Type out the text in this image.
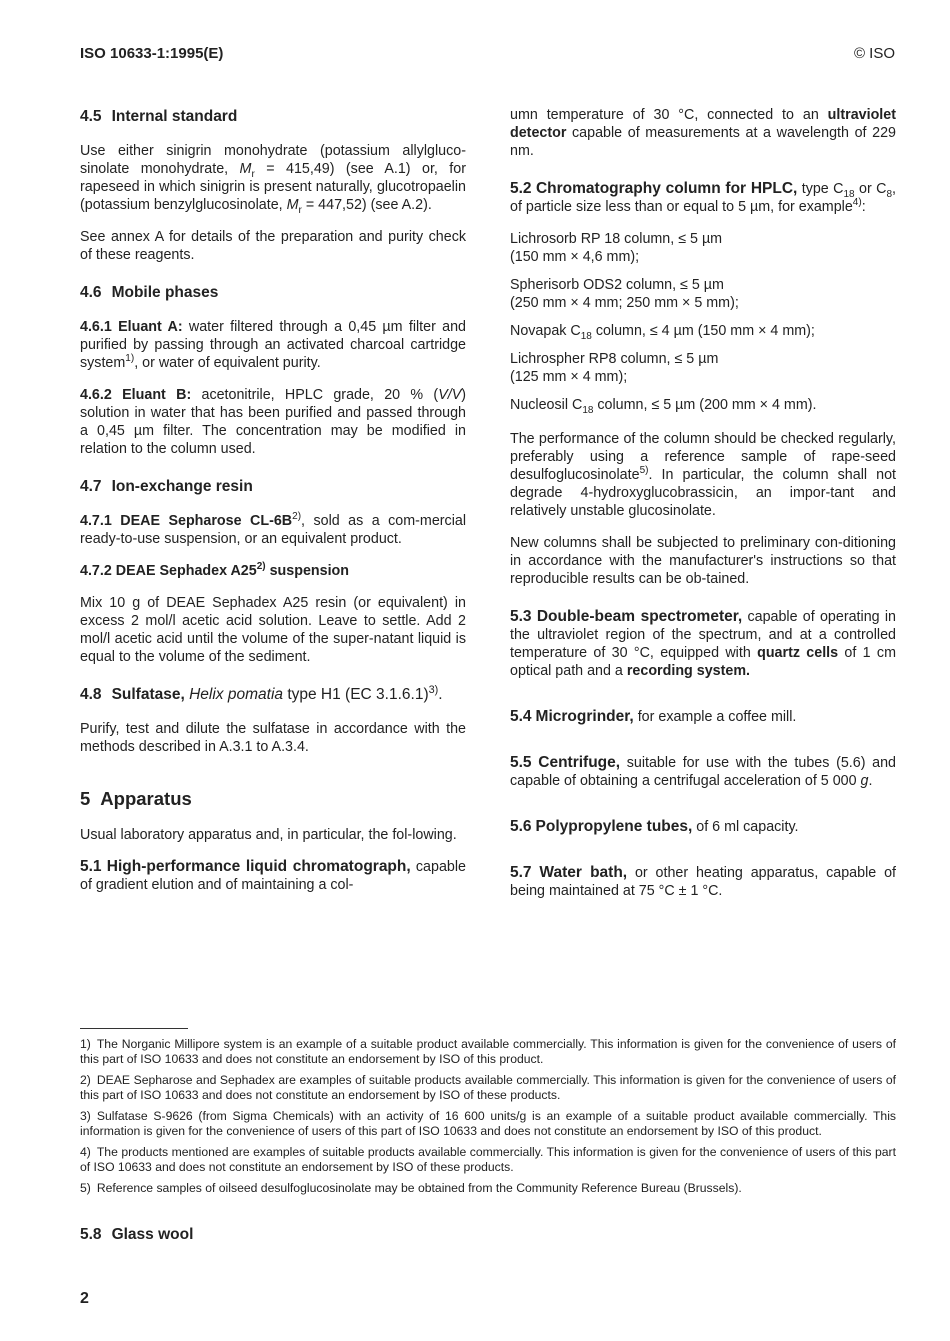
ISO 10633-1:1995(E)	© ISO
4.5 Internal standard

Use either sinigrin monohydrate (potassium allylgluco-sinolate monohydrate, $M_r = 415,49$) (see A.1) or, for rapeseed in which sinigrin is present naturally, glucotropaelin (potassium benzylglucosinolate, $M_r = 447,52$) (see A.2).

See annex A for details of the preparation and purity check of these reagents.

4.6 Mobile phases

4.6.1 Eluant A: water filtered through a 0,45 µm filter and purified by passing through an activated charcoal cartridge system$^{1)}$, or water of equivalent purity.

4.6.2 Eluant B: acetonitrile, HPLC grade, 20 % (V/V) solution in water that has been purified and passed through a 0,45 µm filter. The concentration may be modified in relation to the column used.

4.7 Ion-exchange resin

4.7.1 DEAE Sepharose $CL-6B^{2)}$, sold as a com-mercial ready-to-use suspension, or an equivalent product.

4.7.2 DEAE Sephadex A25$^{2)}$ suspension

Mix 10 g of DEAE Sephadex A25 resin (or equivalent) in excess 2 mol/l acetic acid solution. Leave to settle. Add 2 mol/l acetic acid until the volume of the super-natant liquid is equal to the volume of the sediment.

4.8 Sulfatase, Helix pomatia type H1 (EC 3.1.6.1)$^{3)}$.

Purify, test and dilute the sulfatase in accordance with the methods described in A.3.1 to A.3.4.

5 Apparatus

Usual laboratory apparatus and, in particular, the fol-lowing.

5.1 High-performance liquid chromatograph, capable of gradient elution and of maintaining a col-

umn temperature of 30 °C, connected to an ultraviolet detector capable of measurements at a wavelength of 229 nm.

5.2 Chromatography column for HPLC, type $C_{18}$ or $C_8$, of particle size less than or equal to 5 µm, for example$^{4)}$:

Lichrosorb RP 18 column, ≤ 5 µm
(150 mm × 4,6 mm);

Spherisorb ODS2 column, ≤ 5 µm
(250 mm × 4 mm; 250 mm × 5 mm);

Novapak $C_{18}$ column, ≤ 4 µm (150 mm × 4 mm);

Lichrospher RP8 column, ≤ 5 µm
(125 mm × 4 mm);

Nucleosil $C_{18}$ column, ≤ 5 µm (200 mm × 4 mm).

The performance of the column should be checked regularly, preferably using a reference sample of rape-seed desulfoglucosinolate$^{5)}$. In particular, the column shall not degrade 4-hydroxyglucobrassicin, an impor-tant and relatively unstable glucosinolate.

New columns shall be subjected to preliminary con-ditioning in accordance with the manufacturer's instructions so that reproducible results can be ob-tained.

5.3 Double-beam spectrometer, capable of operating in the ultraviolet region of the spectrum, and at a controlled temperature of 30 °C, equipped with quartz cells of 1 cm optical path and a recording system.

5.4 Microgrinder, for example a coffee mill.

5.5 Centrifuge, suitable for use with the tubes (5.6) and capable of obtaining a centrifugal acceleration of 5 000 g.

5.6 Polypropylene tubes, of 6 ml capacity.

5.7 Water bath, or other heating apparatus, capable of being maintained at 75 °C ± 1 °C.

1) The Norganic Millipore system is an example of a suitable product available commercially. This information is given for the convenience of users of this part of ISO 10633 and does not constitute an endorsement by ISO of this product.

2) DEAE Sepharose and Sephadex are examples of suitable products available commercially. This information is given for the convenience of users of this part of ISO 10633 and does not constitute an endorsement by ISO of these products.

3) Sulfatase S-9626 (from Sigma Chemicals) with an activity of 16 600 units/g is an example of a suitable product available commercially. This information is given for the convenience of users of this part of ISO 10633 and does not constitute an endorsement by ISO of this product.

4) The products mentioned are examples of suitable products available commercially. This information is given for the convenience of users of this part of ISO 10633 and does not constitute an endorsement by ISO of these products.

5) Reference samples of oilseed desulfoglucosinolate may be obtained from the Community Reference Bureau (Brussels).

5.8 Glass wool
2
